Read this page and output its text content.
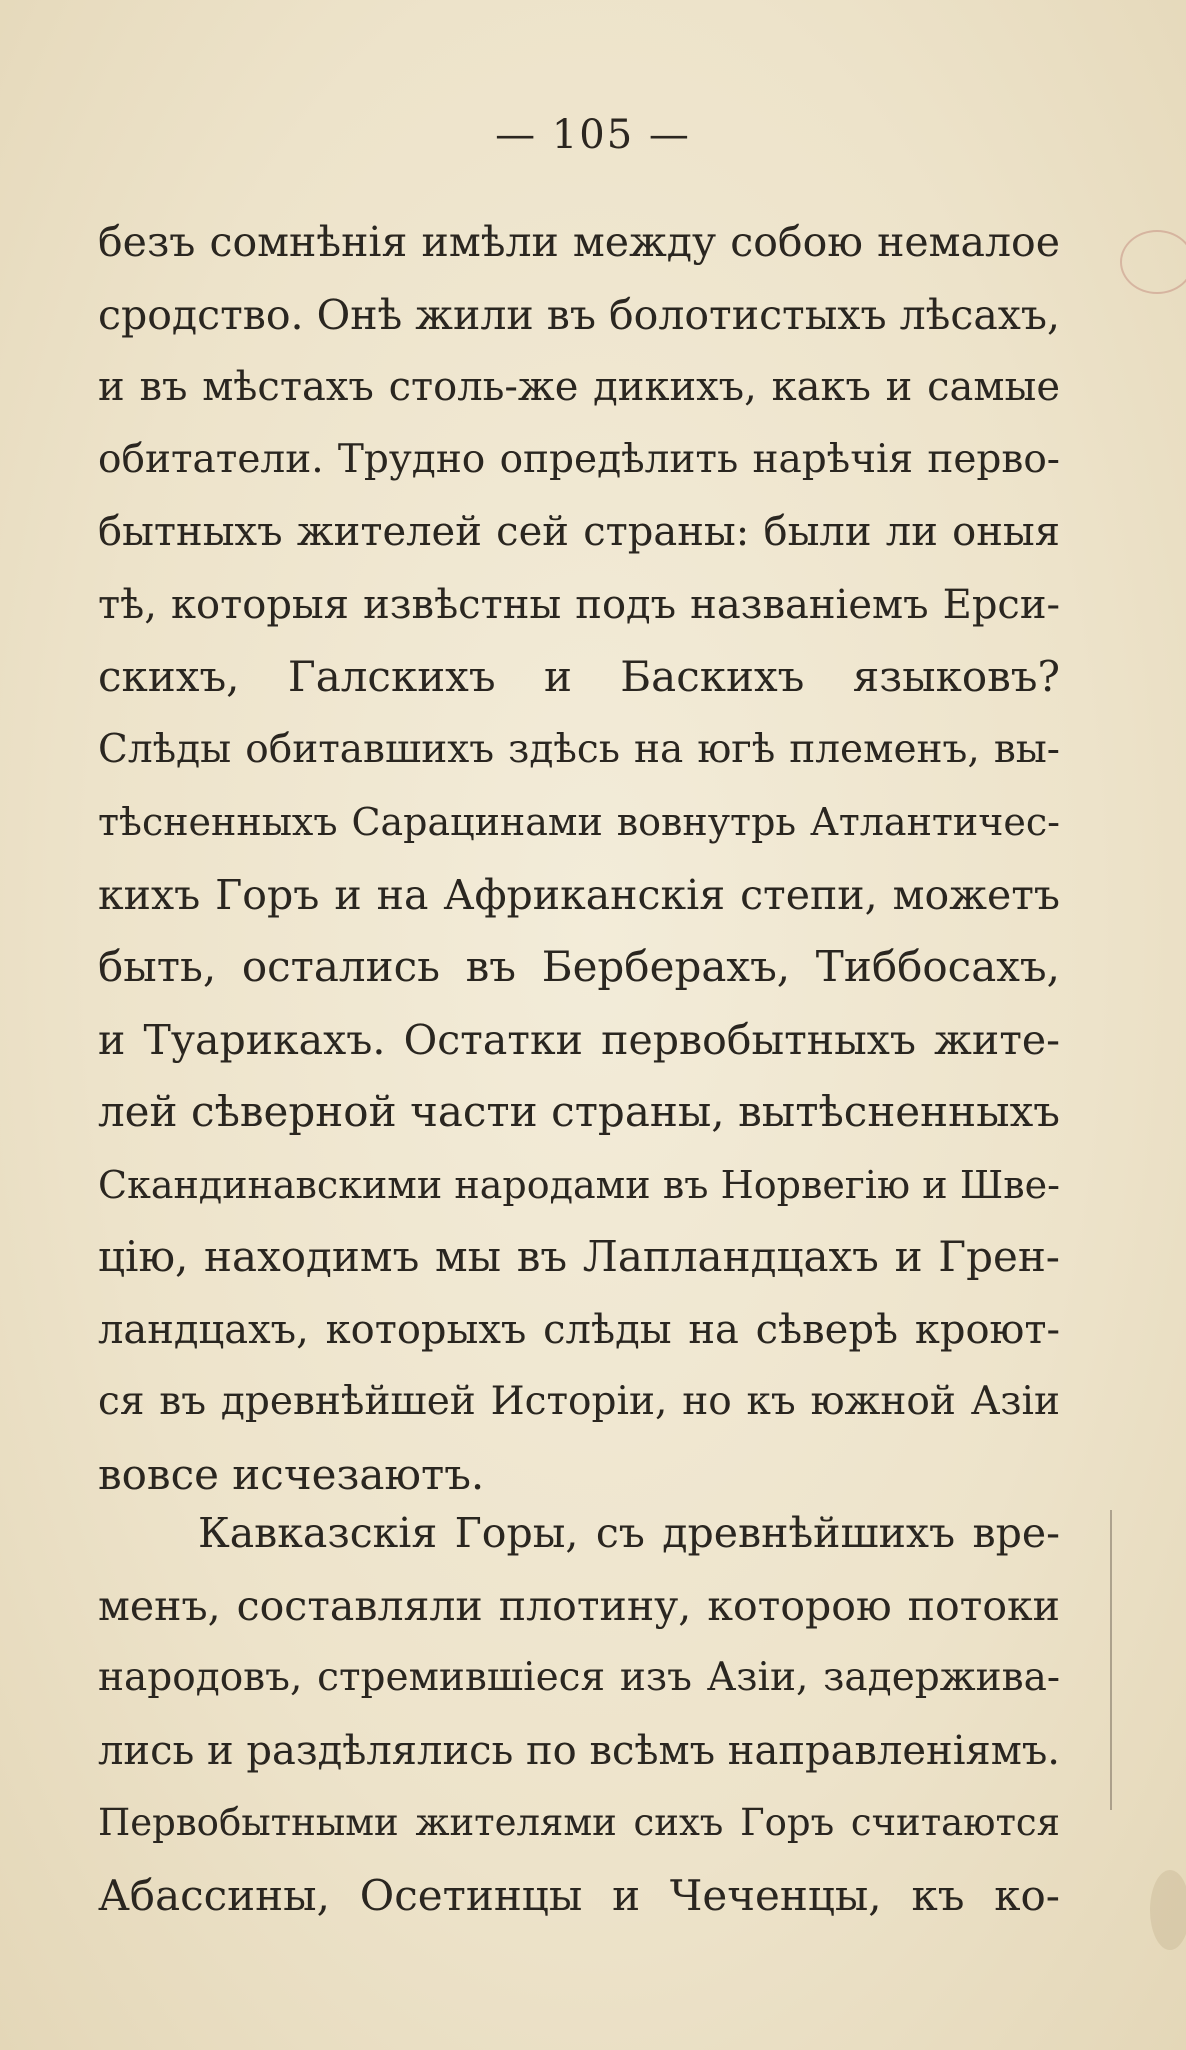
— 105 —
безъ сомнѣнія имѣли между собою немалое
сродство. Онѣ жили въ болотистыхъ лѣсахъ,
и въ мѣстахъ столь-же дикихъ, какъ и самые
обитатели. Трудно опредѣлить нарѣчія перво-
бытныхъ жителей сей страны: были ли оныя
тѣ, которыя извѣстны подъ названіемъ Ерси-
скихъ, Галскихъ и Баскихъ языковъ?
Слѣды обитавшихъ здѣсь на югѣ племенъ, вы-
тѣсненныхъ Сарацинами вовнутрь Атлантичес-
кихъ Горъ и на Африканскія степи, можетъ
быть, остались въ Берберахъ, Тиббосахъ,
и Туарикахъ. Остатки первобытныхъ жите-
лей сѣверной части страны, вытѣсненныхъ
Скандинавскими народами въ Норвегію и Шве-
цію, находимъ мы въ Лапландцахъ и Грен-
ландцахъ, которыхъ слѣды на сѣверѣ кроют-
ся въ древнѣйшей Исторіи, но къ южной Азіи
вовсе исчезаютъ.
Кавказскія Горы, съ древнѣйшихъ вре-
менъ, составляли плотину, которою потоки
народовъ, стремившіеся изъ Азіи, задержива-
лись и раздѣлялись по всѣмъ направленіямъ.
Первобытными жителями сихъ Горъ считаются
Абассины, Осетинцы и Чеченцы, къ ко-
